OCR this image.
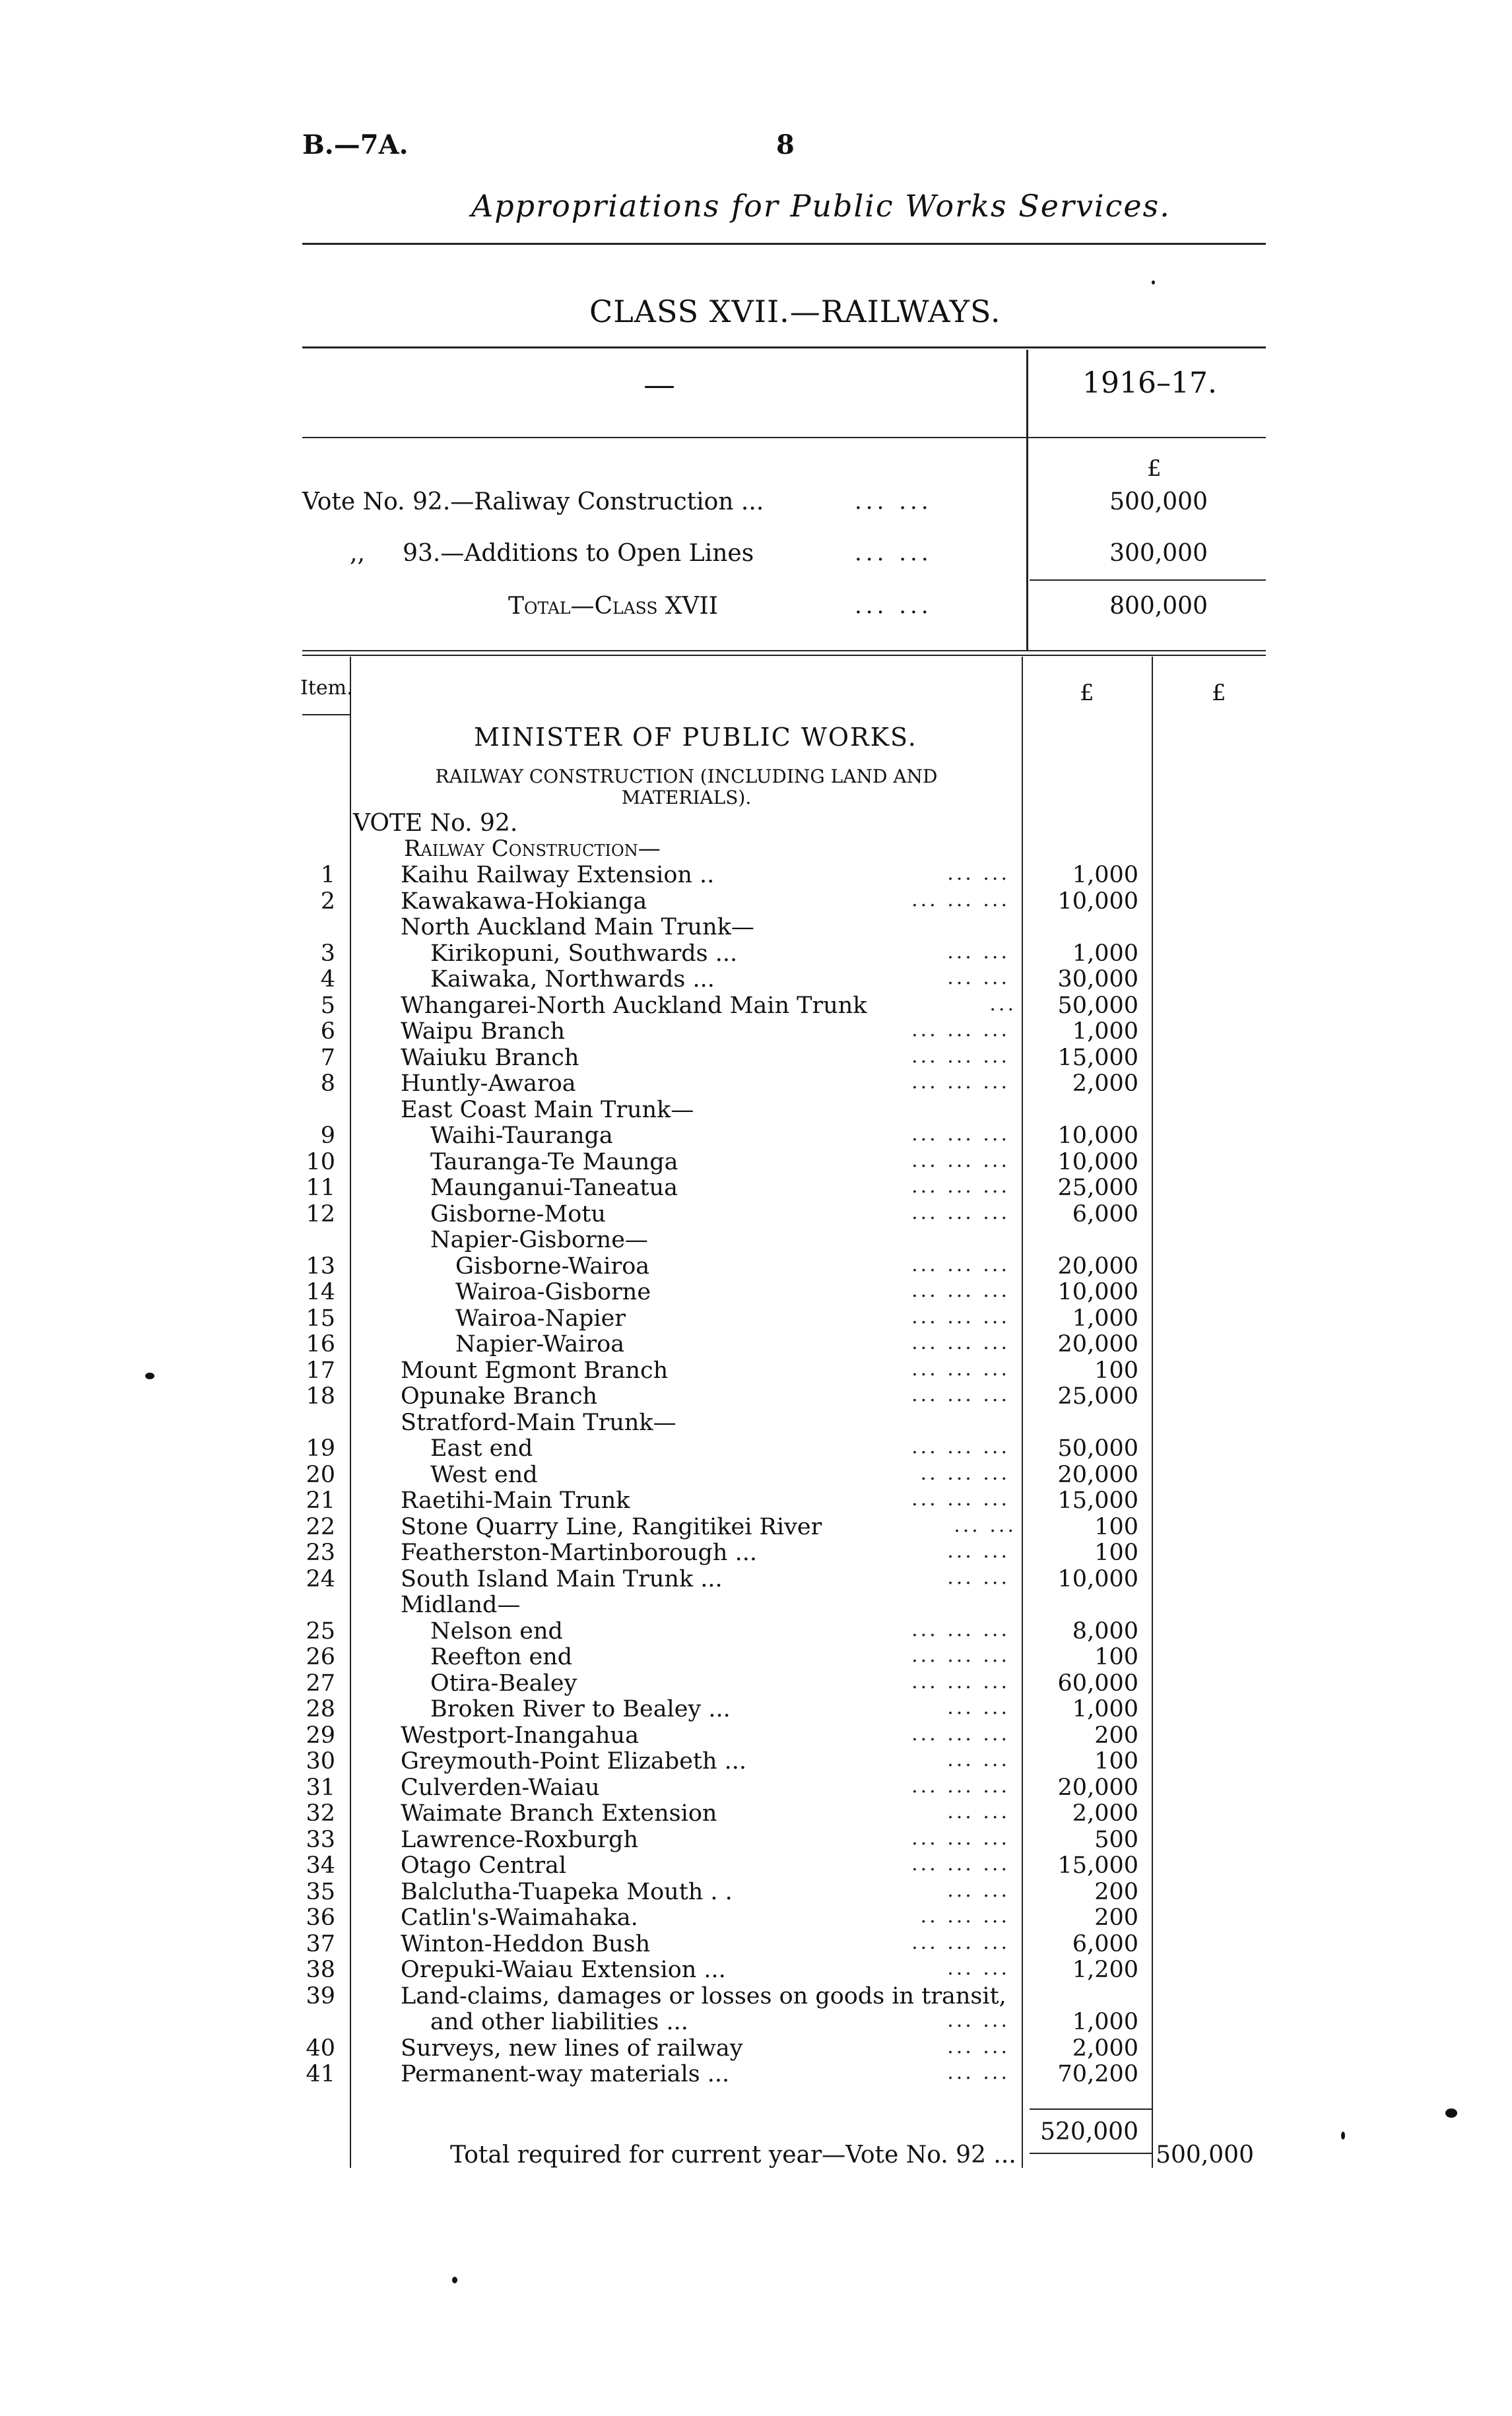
B.—7A.	8
Appropriations for Public Works Services.
CLASS XVII.—RAILWAYS.
—	1916–17.
£
Vote No. 92.—Raliway Construction ...	... ...	500,000
,,     93.—Additions to Open Lines	... ...	300,000
Total—Class XVII	... ...	800,000
Item.	£	£
MINISTER OF PUBLIC WORKS.
RAILWAY CONSTRUCTION (INCLUDING LAND AND
MATERIALS).
VOTE No. 92.
Railway Construction—
1	Kaihu Railway Extension ..	... ...	1,000
2	Kawakawa-Hokianga	... ... ...	10,000
North Auckland Main Trunk—
3	Kirikopuni, Southwards ...	... ...	1,000
4	Kaiwaka, Northwards ...	... ...	30,000
5	Whangarei-North Auckland Main Trunk	...	50,000
6	Waipu Branch	... ... ...	1,000
7	Waiuku Branch	... ... ...	15,000
8	Huntly-Awaroa	... ... ...	2,000
East Coast Main Trunk—
9	Waihi-Tauranga	... ... ...	10,000
10	Tauranga-Te Maunga	... ... ...	10,000
11	Maunganui-Taneatua	... ... ...	25,000
12	Gisborne-Motu	... ... ...	6,000
Napier-Gisborne—
13	Gisborne-Wairoa	... ... ...	20,000
14	Wairoa-Gisborne	... ... ...	10,000
15	Wairoa-Napier	... ... ...	1,000
16	Napier-Wairoa	... ... ...	20,000
17	Mount Egmont Branch	... ... ...	100
18	Opunake Branch	... ... ...	25,000
Stratford-Main Trunk—
19	East end	... ... ...	50,000
20	West end	.. ... ...	20,000
21	Raetihi-Main Trunk	... ... ...	15,000
22	Stone Quarry Line, Rangitikei River	... ...	100
23	Featherston-Martinborough ...	... ...	100
24	South Island Main Trunk ...	... ...	10,000
Midland—
25	Nelson end	... ... ...	8,000
26	Reefton end	... ... ...	100
27	Otira-Bealey	... ... ...	60,000
28	Broken River to Bealey ...	... ...	1,000
29	Westport-Inangahua	... ... ...	200
30	Greymouth-Point Elizabeth ...	... ...	100
31	Culverden-Waiau	... ... ...	20,000
32	Waimate Branch Extension	... ...	2,000
33	Lawrence-Roxburgh	... ... ...	500
34	Otago Central	... ... ...	15,000
35	Balclutha-Tuapeka Mouth . .	... ...	200
36	Catlin's-Waimahaka.	.. ... ...	200
37	Winton-Heddon Bush	... ... ...	6,000
38	Orepuki-Waiau Extension ...	... ...	1,200
39	Land-claims, damages or losses on goods in transit,
and other liabilities ...	... ...	1,000
40	Surveys, new lines of railway	... ...	2,000
41	Permanent-way materials ...	... ...	70,200
520,000
Total required for current year—Vote No. 92 ...	500,000
